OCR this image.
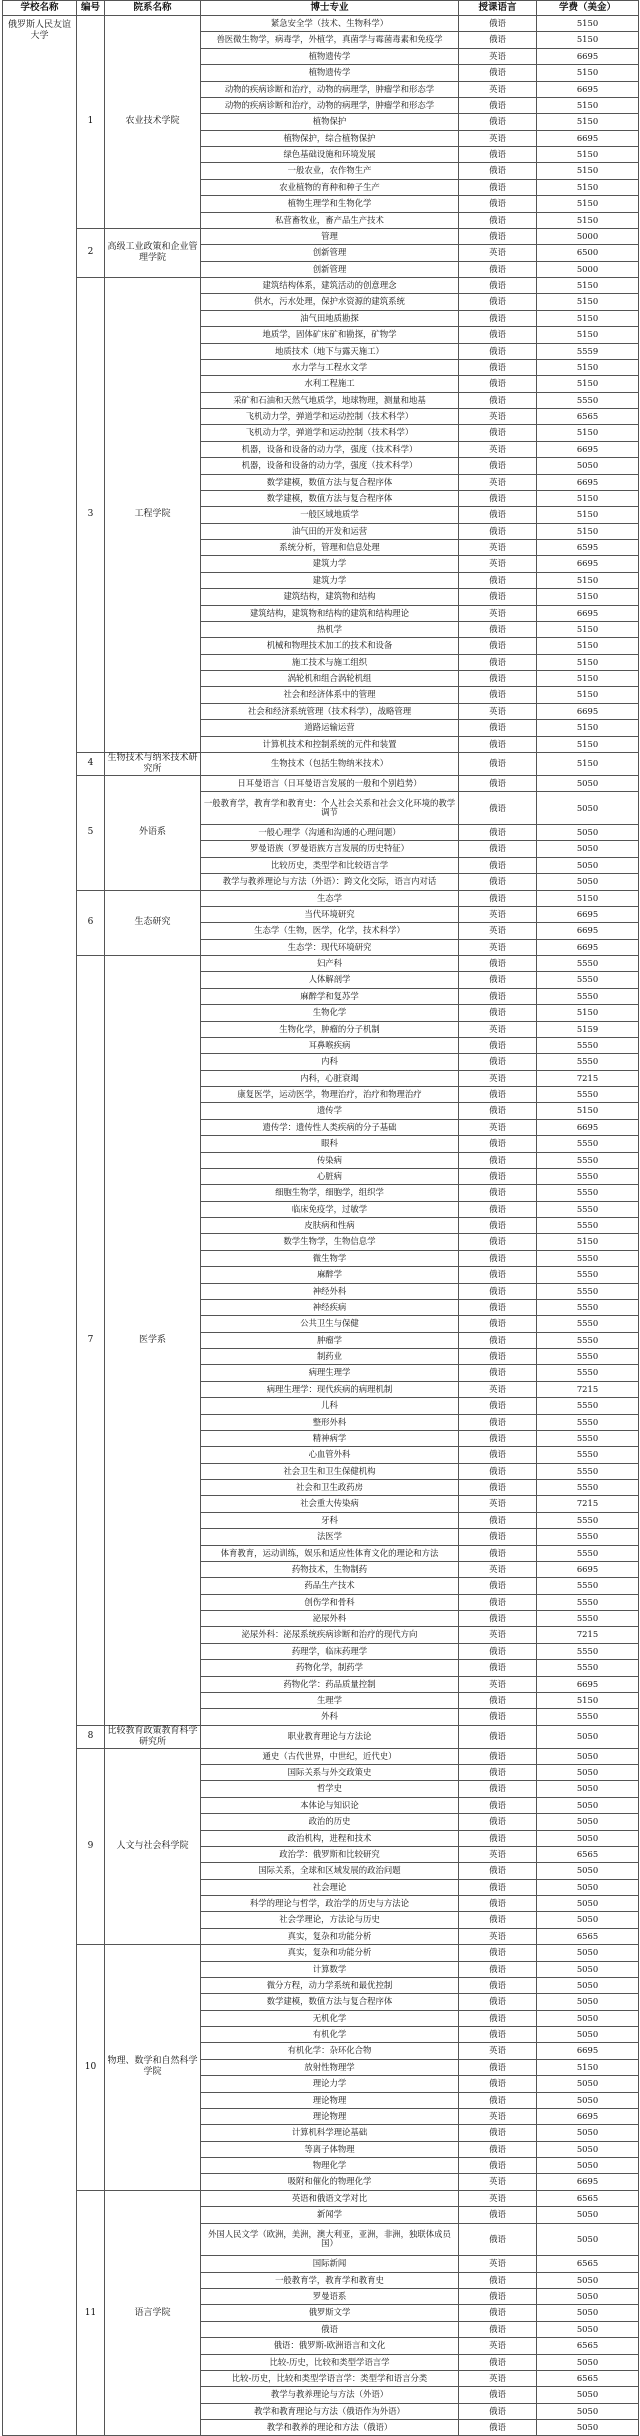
学校名称	编号	院系名称	博士专业	授课语言	学费（美金）
俄罗斯人民友谊大学	1	农业技术学院	紧急安全学（技术、生物科学）	俄语	5150
			兽医微生物学，病毒学，外植学，真菌学与霉菌毒素和免疫学	俄语	5150
			植物遗传学	英语	6695
			植物遗传学	俄语	5150
			动物的疾病诊断和治疗，动物的病理学，肿瘤学和形态学	英语	6695
			动物的疾病诊断和治疗，动物的病理学，肿瘤学和形态学	俄语	5150
			植物保护	俄语	5150
			植物保护，综合植物保护	英语	6695
			绿色基础设施和环境发展	俄语	5150
			一般农业，农作物生产	俄语	5150
			农业植物的育种和种子生产	俄语	5150
			植物生理学和生物化学	俄语	5150
			私营畜牧业，畜产品生产技术	俄语	5150
	2	高级工业政策和企业管理学院	管理	俄语	5000
			创新管理	英语	6500
			创新管理	俄语	5000
	3	工程学院	建筑结构体系，建筑活动的创意理念	俄语	5150
			供水，污水处理，保护水资源的建筑系统	俄语	5150
			油气田地质勘探	俄语	5150
			地质学，固体矿床矿和勘探，矿物学	俄语	5150
			地质技术（地下与露天施工）	俄语	5559
			水力学与工程水文学	俄语	5150
			水利工程施工	俄语	5150
			采矿和石油和天然气地质学，地球物理，测量和地基	俄语	5550
			飞机动力学，弹道学和运动控制（技术科学）	英语	6565
			飞机动力学，弹道学和运动控制（技术科学）	俄语	5150
			机器，设备和设备的动力学，强度（技术科学）	英语	6695
			机器，设备和设备的动力学，强度（技术科学）	俄语	5050
			数学建模，数值方法与复合程序体	英语	6695
			数学建模，数值方法与复合程序体	俄语	5150
			一般区域地质学	俄语	5150
			油气田的开发和运营	俄语	5150
			系统分析，管理和信息处理	英语	6595
			建筑力学	英语	6695
			建筑力学	俄语	5150
			建筑结构，建筑物和结构	俄语	5150
			建筑结构，建筑物和结构的建筑和结构理论	英语	6695
			热机学	俄语	5150
			机械和物理技术加工的技术和设备	俄语	5150
			施工技术与施工组织	俄语	5150
			涡轮机和组合涡轮机组	俄语	5150
			社会和经济体系中的管理	俄语	5150
			社会和经济系统管理（技术科学），战略管理	英语	6695
			道路运输运营	俄语	5150
			计算机技术和控制系统的元件和装置	俄语	5150
	4	生物技术与纳米技术研究所	生物技术（包括生物纳米技术）	俄语	5150
	5	外语系	日耳曼语言（日耳曼语言发展的一般和个别趋势）	俄语	5050
			一般教育学，教育学和教育史：个人社会关系和社会文化环境的教学调节	俄语	5050
			一般心理学（沟通和沟通的心理问题）	俄语	5050
			罗曼语族（罗曼语族方言发展的历史特征）	俄语	5050
			比较历史，类型学和比较语言学	俄语	5050
			教学与教养理论与方法（外语）：跨文化交际，语言内对话	俄语	5050
	6	生态研究	生态学	俄语	5150
			当代环境研究	英语	6695
			生态学（生物，医学，化学，技术科学）	英语	6695
			生态学：现代环境研究	英语	6695
	7	医学系	妇产科	俄语	5550
			人体解剖学	俄语	5550
			麻醉学和复苏学	俄语	5550
			生物化学	俄语	5150
			生物化学，肿瘤的分子机制	英语	5159
			耳鼻喉疾病	俄语	5550
			内科	俄语	5550
			内科，心脏衰竭	英语	7215
			康复医学，运动医学，物理治疗，治疗和物理治疗	俄语	5550
			遗传学	俄语	5150
			遗传学：遗传性人类疾病的分子基础	英语	6695
			眼科	俄语	5550
			传染病	俄语	5550
			心脏病	俄语	5550
			细胞生物学，细胞学，组织学	俄语	5550
			临床免疫学，过敏学	俄语	5550
			皮肤病和性病	俄语	5550
			数学生物学，生物信息学	俄语	5150
			微生物学	俄语	5550
			麻醉学	俄语	5550
			神经外科	俄语	5550
			神经疾病	俄语	5550
			公共卫生与保健	俄语	5550
			肿瘤学	俄语	5550
			制药业	俄语	5550
			病理生理学	俄语	5550
			病理生理学：现代疾病的病理机制	英语	7215
			儿科	俄语	5550
			整形外科	俄语	5550
			精神病学	俄语	5550
			心血管外科	俄语	5550
			社会卫生和卫生保健机构	俄语	5550
			社会和卫生政药房	俄语	5550
			社会重大传染病	英语	7215
			牙科	俄语	5550
			法医学	俄语	5550
			体育教育，运动训练，娱乐和适应性体育文化的理论和方法	俄语	5550
			药物技术，生物制药	英语	6695
			药品生产技术	俄语	5550
			创伤学和骨科	俄语	5550
			泌尿外科	俄语	5550
			泌尿外科：泌尿系统疾病诊断和治疗的现代方向	英语	7215
			药理学，临床药理学	俄语	5550
			药物化学，制药学	俄语	5550
			药物化学：药品质量控制	英语	6695
			生理学	俄语	5150
			外科	俄语	5550
	8	比较教育政策教育科学研究所	职业教育理论与方法论	俄语	5050
	9	人文与社会科学院	通史（古代世界，中世纪，近代史）	俄语	5050
			国际关系与外交政策史	俄语	5050
			哲学史	俄语	5050
			本体论与知识论	俄语	5050
			政治的历史	俄语	5050
			政治机构，进程和技术	俄语	5050
			政治学：俄罗斯和比较研究	英语	6565
			国际关系，全球和区域发展的政治问题	俄语	5050
			社会理论	俄语	5050
			科学的理论与哲学，政治学的历史与方法论	俄语	5050
			社会学理论，方法论与历史	俄语	5050
			真实，复杂和功能分析	英语	6565
	10	物理、数学和自然科学学院	真实，复杂和功能分析	俄语	5050
			计算数学	俄语	5050
			微分方程，动力学系统和最优控制	俄语	5050
			数学建模，数值方法与复合程序体	俄语	5050
			无机化学	俄语	5050
			有机化学	俄语	5050
			有机化学：杂环化合物	英语	6695
			放射性物理学	俄语	5150
			理论力学	俄语	5050
			理论物理	俄语	5050
			理论物理	英语	6695
			计算机科学理论基础	俄语	5050
			等离子体物理	俄语	5050
			物理化学	俄语	5050
			吸附和催化的物理化学	英语	6695
	11	语言学院	英语和俄语文学对比	英语	6565
			新闻学	俄语	5050
			外国人民文学（欧洲，美洲，澳大利亚，亚洲，非洲，独联体成员国）	俄语	5050
			国际新闻	英语	6565
			一般教育学，教育学和教育史	俄语	5050
			罗曼语系	俄语	5050
			俄罗斯文学	俄语	5050
			俄语	俄语	5050
			俄语：俄罗斯-欧洲语言和文化	英语	6565
			比较-历史，比较和类型学语言学	俄语	5050
			比较-历史，比较和类型学语言学：类型学和语言分类	英语	6565
			教学与教养理论与方法（外语）	俄语	5050
			教学和教育理论与方法（俄语作为外语）	俄语	5050
			教学和教养的理论和方法（俄语）	俄语	5050
